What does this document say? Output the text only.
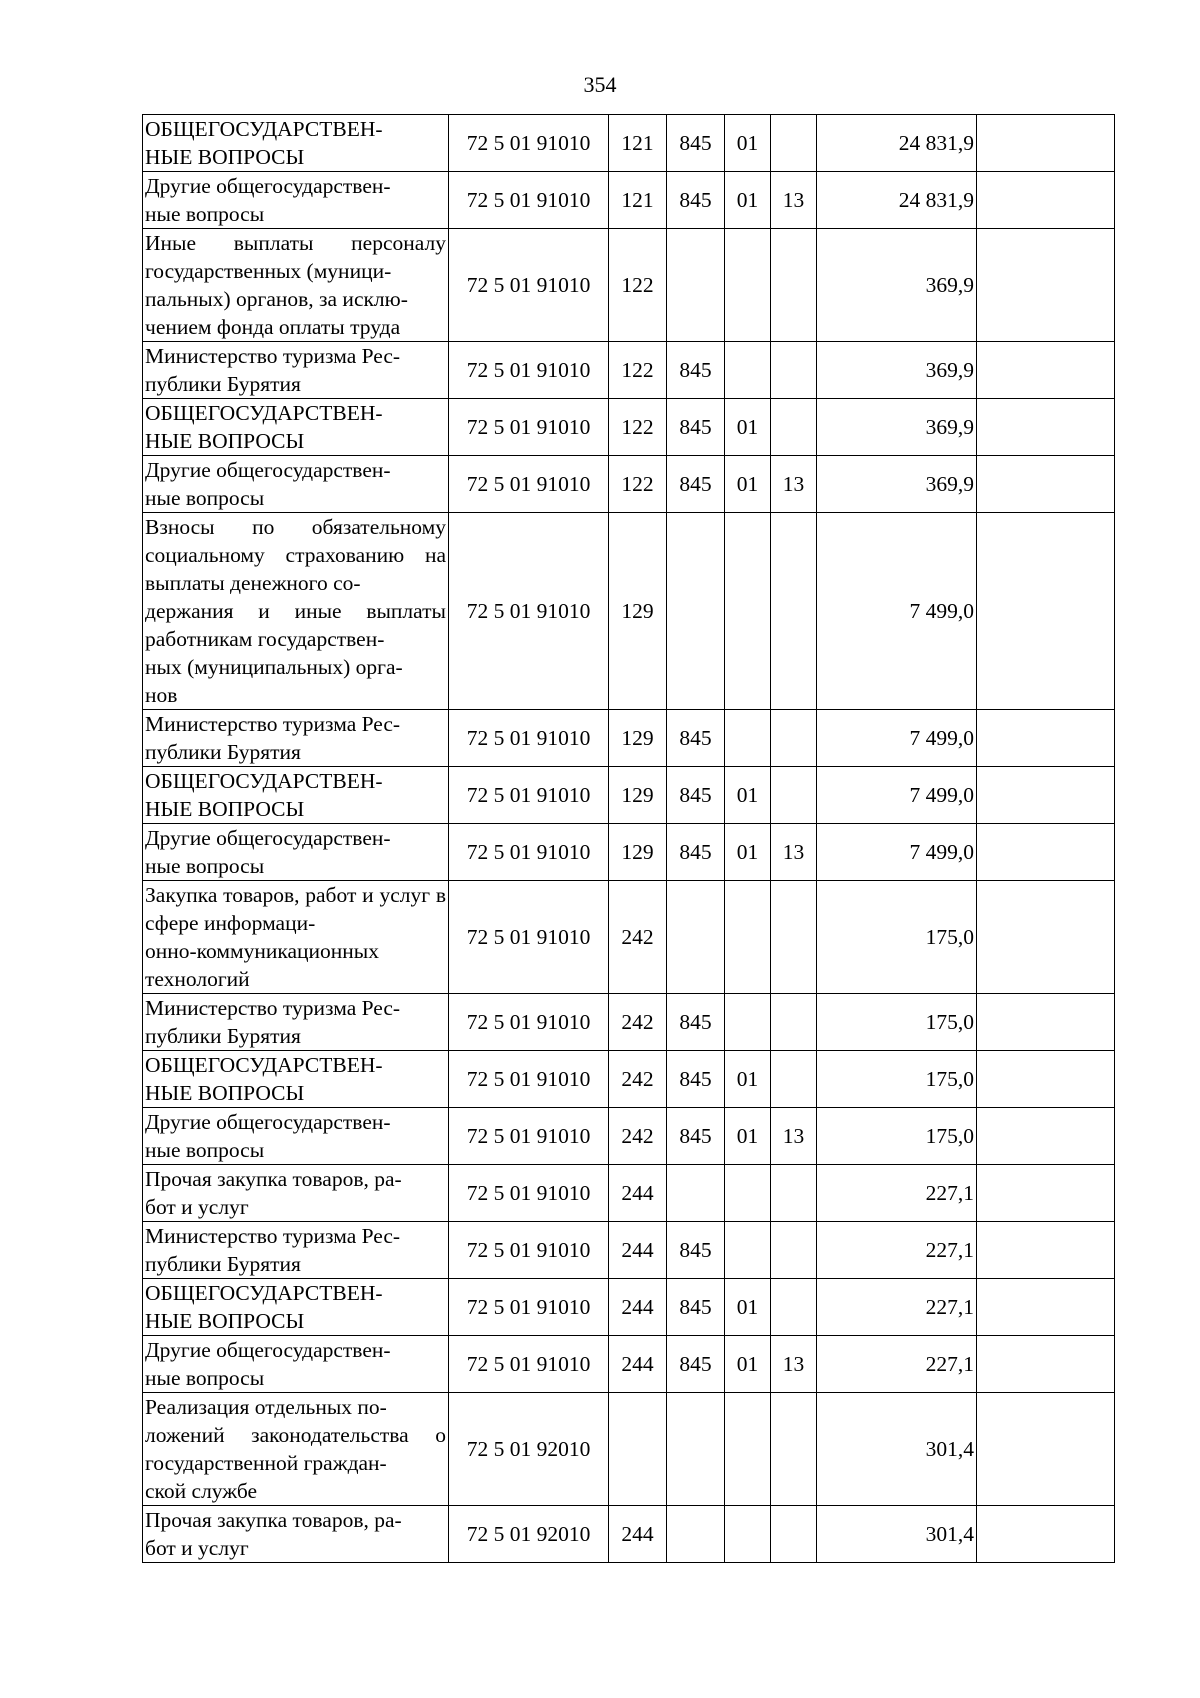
354
ОБЩЕГОСУДАРСТВЕН-
НЫЕ ВОПРОСЫ	72 5 01 91010	121	845	01		24 831,9	
Другие общегосударствен-
ные вопросы	72 5 01 91010	121	845	01	13	24 831,9	
Иные выплаты персоналу государственных (муници-
пальных) органов, за исклю-
чением фонда оплаты труда	72 5 01 91010	122				369,9	
Министерство туризма Рес-
публики Бурятия	72 5 01 91010	122	845			369,9	
ОБЩЕГОСУДАРСТВЕН-
НЫЕ ВОПРОСЫ	72 5 01 91010	122	845	01		369,9	
Другие общегосударствен-
ные вопросы	72 5 01 91010	122	845	01	13	369,9	
Взносы по обязательному социальному страхованию на выплаты денежного со-
держания и иные выплаты работникам государствен-
ных (муниципальных) орга-
нов	72 5 01 91010	129				7 499,0	
Министерство туризма Рес-
публики Бурятия	72 5 01 91010	129	845			7 499,0	
ОБЩЕГОСУДАРСТВЕН-
НЫЕ ВОПРОСЫ	72 5 01 91010	129	845	01		7 499,0	
Другие общегосударствен-
ные вопросы	72 5 01 91010	129	845	01	13	7 499,0	
Закупка товаров, работ и услуг в сфере информаци-
онно-коммуникационных технологий	72 5 01 91010	242				175,0	
Министерство туризма Рес-
публики Бурятия	72 5 01 91010	242	845			175,0	
ОБЩЕГОСУДАРСТВЕН-
НЫЕ ВОПРОСЫ	72 5 01 91010	242	845	01		175,0	
Другие общегосударствен-
ные вопросы	72 5 01 91010	242	845	01	13	175,0	
Прочая закупка товаров, ра-
бот и услуг	72 5 01 91010	244				227,1	
Министерство туризма Рес-
публики Бурятия	72 5 01 91010	244	845			227,1	
ОБЩЕГОСУДАРСТВЕН-
НЫЕ ВОПРОСЫ	72 5 01 91010	244	845	01		227,1	
Другие общегосударствен-
ные вопросы	72 5 01 91010	244	845	01	13	227,1	
Реализация отдельных по-
ложений законодательства о государственной граждан-
ской службе	72 5 01 92010					301,4	
Прочая закупка товаров, ра-
бот и услуг	72 5 01 92010	244				301,4	
